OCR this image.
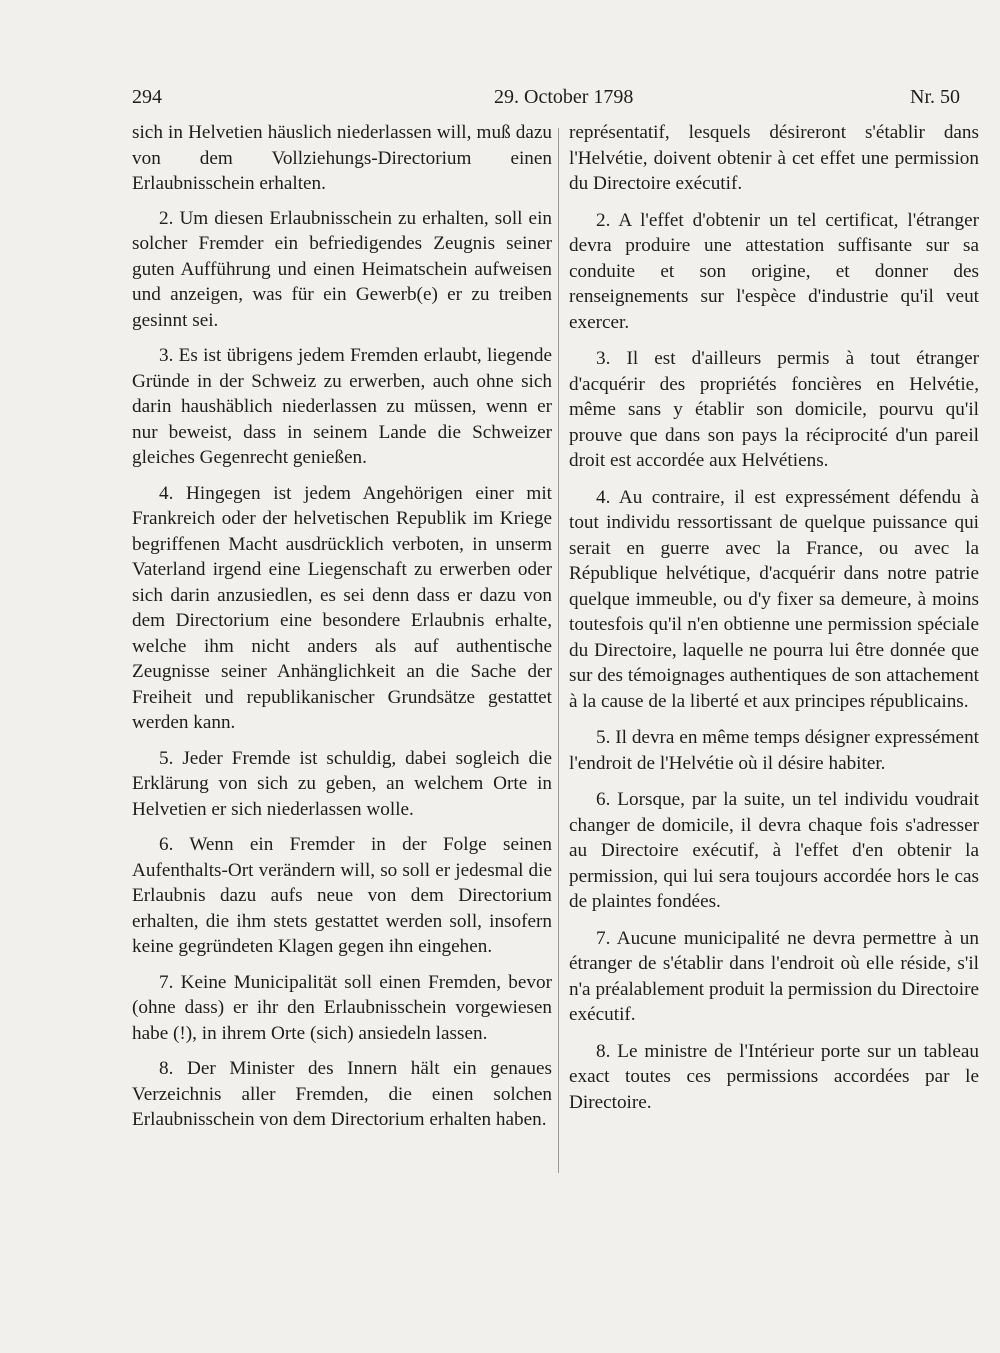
294	29. October 1798	Nr. 50

sich in Helvetien häuslich niederlassen will, muß dazu von dem Vollziehungs-Directorium einen Erlaubnisschein erhalten.

2. Um diesen Erlaubnisschein zu erhalten, soll ein solcher Fremder ein befriedigendes Zeugnis seiner guten Aufführung und einen Heimatschein aufweisen und anzeigen, was für ein Gewerb(e) er zu treiben gesinnt sei.

3. Es ist übrigens jedem Fremden erlaubt, liegende Gründe in der Schweiz zu erwerben, auch ohne sich darin haushäblich niederlassen zu müssen, wenn er nur beweist, dass in seinem Lande die Schweizer gleiches Gegenrecht genießen.

4. Hingegen ist jedem Angehörigen einer mit Frankreich oder der helvetischen Republik im Kriege begriffenen Macht ausdrücklich verboten, in unserm Vaterland irgend eine Liegenschaft zu erwerben oder sich darin anzusiedlen, es sei denn dass er dazu von dem Directorium eine besondere Erlaubnis erhalte, welche ihm nicht anders als auf authentische Zeugnisse seiner Anhänglichkeit an die Sache der Freiheit und republikanischer Grundsätze gestattet werden kann.

5. Jeder Fremde ist schuldig, dabei sogleich die Erklärung von sich zu geben, an welchem Orte in Helvetien er sich niederlassen wolle.

6. Wenn ein Fremder in der Folge seinen Aufenthalts-Ort verändern will, so soll er jedesmal die Erlaubnis dazu aufs neue von dem Directorium erhalten, die ihm stets gestattet werden soll, insofern keine gegründeten Klagen gegen ihn eingehen.

7. Keine Municipalität soll einen Fremden, bevor (ohne dass) er ihr den Erlaubnisschein vorgewiesen habe (!), in ihrem Orte (sich) ansiedeln lassen.

8. Der Minister des Innern hält ein genaues Verzeichnis aller Fremden, die einen solchen Erlaubnisschein von dem Directorium erhalten haben.

représentatif, lesquels désireront s'établir dans l'Helvétie, doivent obtenir à cet effet une permission du Directoire exécutif.

2. A l'effet d'obtenir un tel certificat, l'étranger devra produire une attestation suffisante sur sa conduite et son origine, et donner des renseignements sur l'espèce d'industrie qu'il veut exercer.

3. Il est d'ailleurs permis à tout étranger d'acquérir des propriétés foncières en Helvétie, même sans y établir son domicile, pourvu qu'il prouve que dans son pays la réciprocité d'un pareil droit est accordée aux Helvétiens.

4. Au contraire, il est expressément défendu à tout individu ressortissant de quelque puissance qui serait en guerre avec la France, ou avec la République helvétique, d'acquérir dans notre patrie quelque immeuble, ou d'y fixer sa demeure, à moins toutesfois qu'il n'en obtienne une permission spéciale du Directoire, laquelle ne pourra lui être donnée que sur des témoignages authentiques de son attachement à la cause de la liberté et aux principes républicains.

5. Il devra en même temps désigner expressément l'endroit de l'Helvétie où il désire habiter.

6. Lorsque, par la suite, un tel individu voudrait changer de domicile, il devra chaque fois s'adresser au Directoire exécutif, à l'effet d'en obtenir la permission, qui lui sera toujours accordée hors le cas de plaintes fondées.

7. Aucune municipalité ne devra permettre à un étranger de s'établir dans l'endroit où elle réside, s'il n'a préalablement produit la permission du Directoire exécutif.

8. Le ministre de l'Intérieur porte sur un tableau exact toutes ces permissions accordées par le Directoire.
